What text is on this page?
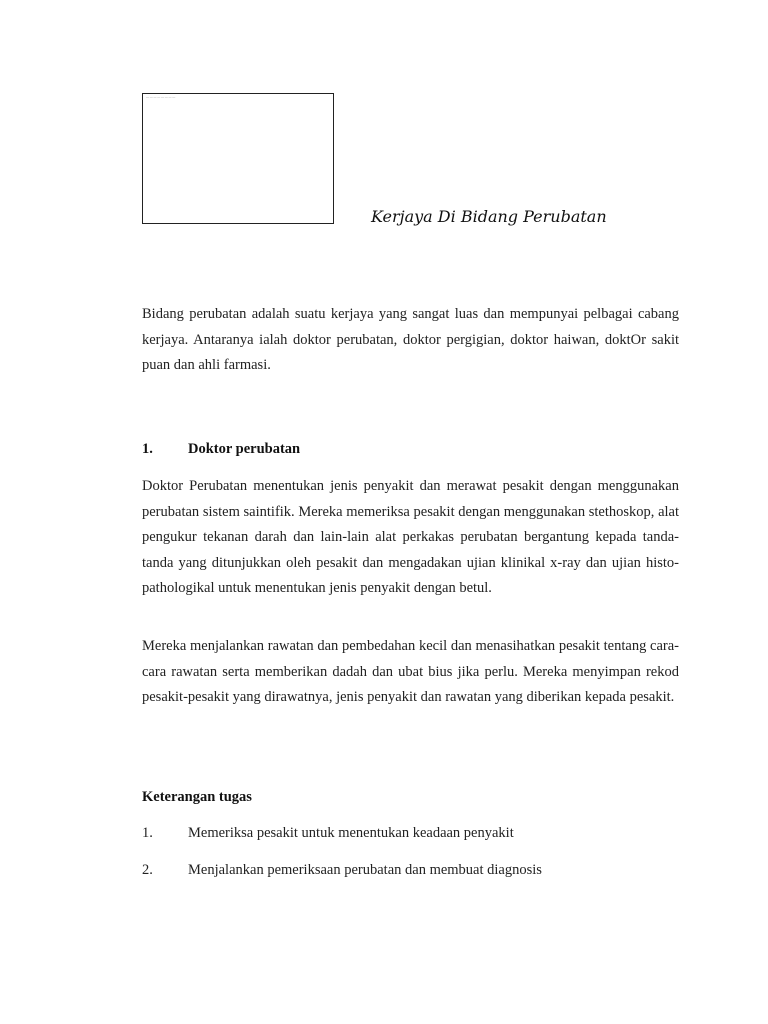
— — — — — — — —
Kerjaya Di Bidang Perubatan

Bidang perubatan adalah suatu kerjaya yang sangat luas dan mempunyai pelbagai cabang kerjaya. Antaranya ialah doktor perubatan, doktor pergigian, doktor haiwan, doktOr sakit puan dan ahli farmasi.

1. Doktor perubatan

Doktor Perubatan menentukan jenis penyakit dan merawat pesakit dengan menggunakan perubatan sistem saintifik. Mereka memeriksa pesakit dengan menggunakan stethoskop, alat pengukur tekanan darah dan lain-lain alat perkakas perubatan bergantung kepada tanda-tanda yang ditunjukkan oleh pesakit dan mengadakan ujian klinikal x-ray dan ujian histo-pathologikal untuk menentukan jenis penyakit dengan betul.

Mereka menjalankan rawatan dan pembedahan kecil dan menasihatkan pesakit tentang cara-cara rawatan serta memberikan dadah dan ubat bius jika perlu. Mereka menyimpan rekod pesakit-pesakit yang dirawatnya, jenis penyakit dan rawatan yang diberikan kepada pesakit.

Keterangan tugas
1. Memeriksa pesakit untuk menentukan keadaan penyakit
2. Menjalankan pemeriksaan perubatan dan membuat diagnosis
